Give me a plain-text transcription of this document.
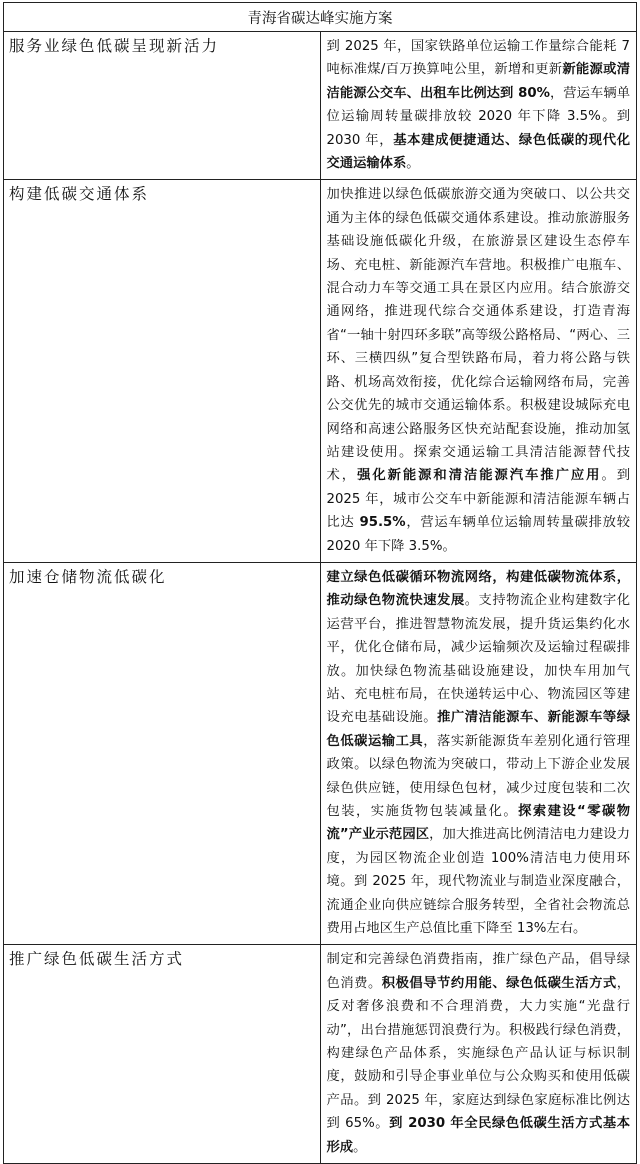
青海省碳达峰实施方案	
服务业绿色低碳呈现新活力	到 2025 年，国家铁路单位运输工作量综合能耗 7 吨标准煤/百万换算吨公里，新增和更新新能源或清洁能源公交车、出租车比例达到 80%，营运车辆单位运输周转量碳排放较 2020 年下降 3.5%。到 2030 年，基本建成便捷通达、绿色低碳的现代化交通运输体系。
构建低碳交通体系	加快推进以绿色低碳旅游交通为突破口、以公共交通为主体的绿色低碳交通体系建设。推动旅游服务基础设施低碳化升级，在旅游景区建设生态停车场、充电桩、新能源汽车营地。积极推广电瓶车、混合动力车等交通工具在景区内应用。结合旅游交通网络，推进现代综合交通体系建设，打造青海省“一轴十射四环多联”高等级公路格局、“两心、三环、三横四纵”复合型铁路布局，着力将公路与铁路、机场高效衔接，优化综合运输网络布局，完善公交优先的城市交通运输体系。积极建设城际充电网络和高速公路服务区快充站配套设施，推动加氢站建设使用。探索交通运输工具清洁能源替代技术，强化新能源和清洁能源汽车推广应用。到 2025 年，城市公交车中新能源和清洁能源车辆占比达 95.5%，营运车辆单位运输周转量碳排放较 2020 年下降 3.5%。
加速仓储物流低碳化	建立绿色低碳循环物流网络，构建低碳物流体系，推动绿色物流快速发展。支持物流企业构建数字化运营平台，推进智慧物流发展，提升货运集约化水平，优化仓储布局，减少运输频次及运输过程碳排放。加快绿色物流基础设施建设，加快车用加气站、充电桩布局，在快递转运中心、物流园区等建设充电基础设施。推广清洁能源车、新能源车等绿色低碳运输工具，落实新能源货车差别化通行管理政策。以绿色物流为突破口，带动上下游企业发展绿色供应链，使用绿色包材，减少过度包装和二次包装，实施货物包装减量化。探索建设“零碳物流”产业示范园区，加大推进高比例清洁电力建设力度，为园区物流企业创造 100%清洁电力使用环境。到 2025 年，现代物流业与制造业深度融合，流通企业向供应链综合服务转型，全省社会物流总费用占地区生产总值比重下降至 13%左右。
推广绿色低碳生活方式	制定和完善绿色消费指南，推广绿色产品，倡导绿色消费。积极倡导节约用能、绿色低碳生活方式，反对奢侈浪费和不合理消费，大力实施“光盘行动”，出台措施惩罚浪费行为。积极践行绿色消费，构建绿色产品体系，实施绿色产品认证与标识制度，鼓励和引导企事业单位与公众购买和使用低碳产品。到 2025 年，家庭达到绿色家庭标准比例达到 65%。到 2030 年全民绿色低碳生活方式基本形成。
